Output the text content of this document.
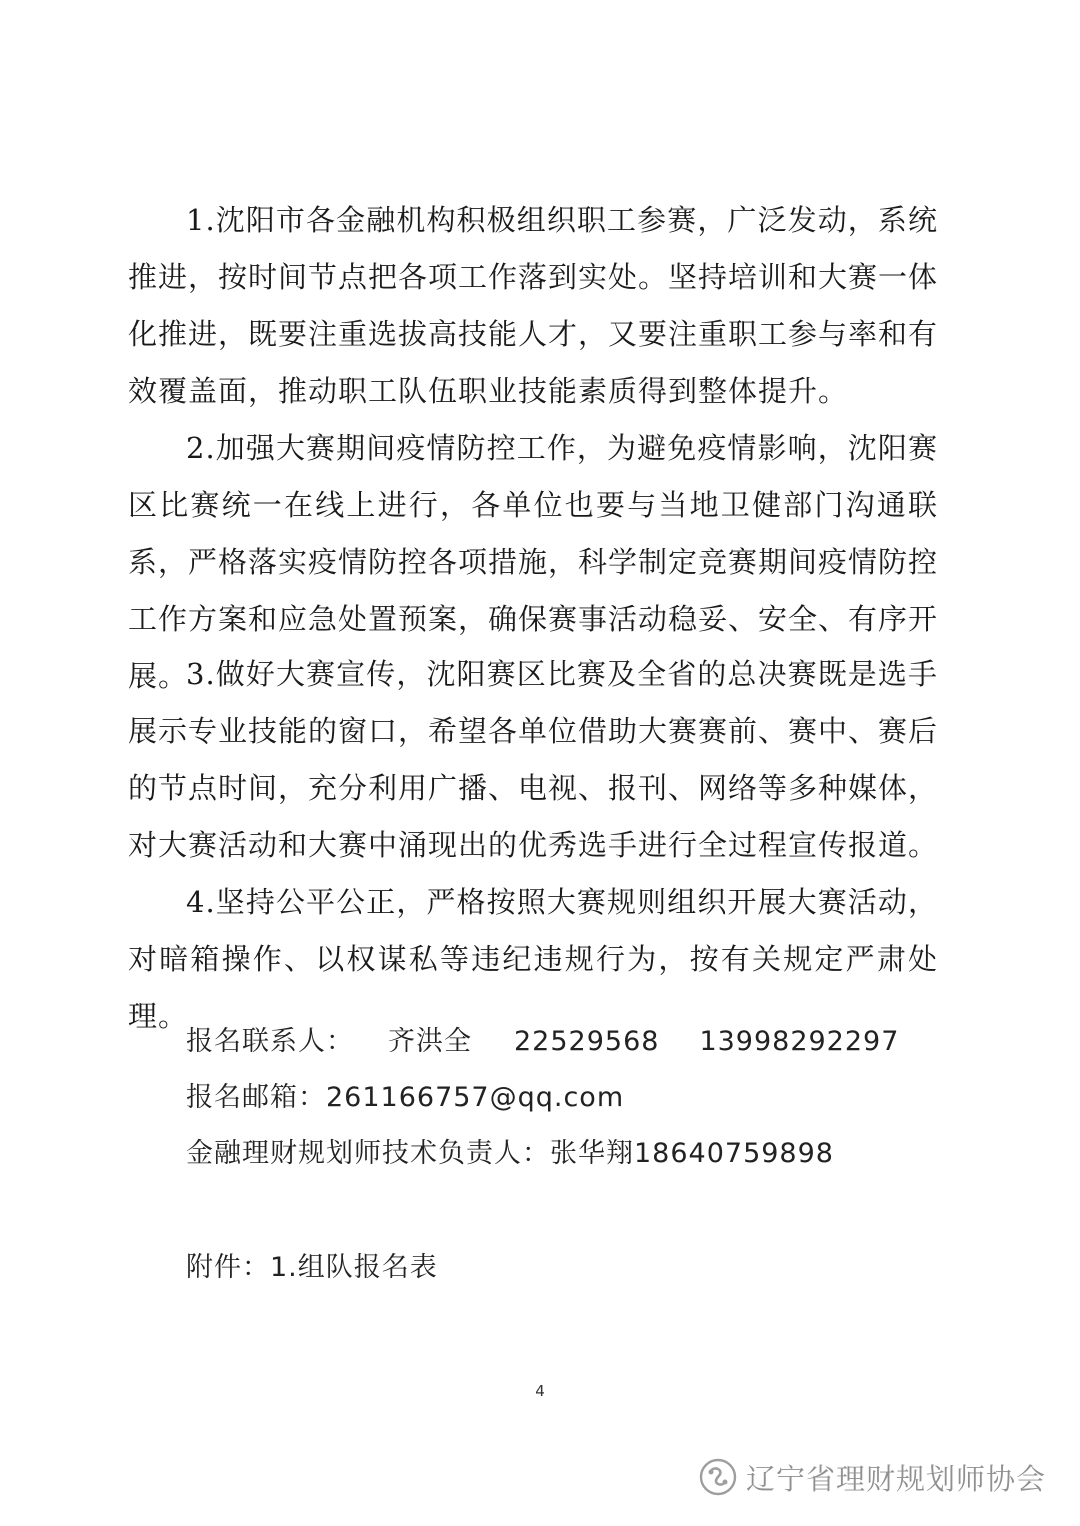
1.沈阳市各金融机构积极组织职工参赛，广泛发动，系统推进，按时间节点把各项工作落到实处。坚持培训和大赛一体化推进，既要注重选拔高技能人才，又要注重职工参与率和有效覆盖面，推动职工队伍职业技能素质得到整体提升。

2.加强大赛期间疫情防控工作，为避免疫情影响，沈阳赛区比赛统一在线上进行，各单位也要与当地卫健部门沟通联系，严格落实疫情防控各项措施，科学制定竞赛期间疫情防控工作方案和应急处置预案，确保赛事活动稳妥、安全、有序开展。

3.做好大赛宣传，沈阳赛区比赛及全省的总决赛既是选手展示专业技能的窗口，希望各单位借助大赛赛前、赛中、赛后的节点时间，充分利用广播、电视、报刊、网络等多种媒体，对大赛活动和大赛中涌现出的优秀选手进行全过程宣传报道。

4.坚持公平公正，严格按照大赛规则组织开展大赛活动，对暗箱操作、以权谋私等违纪违规行为，按有关规定严肃处理。

报名联系人： 齐洪全 22529568 13998292297
报名邮箱：261166757@qq.com
金融理财规划师技术负责人：张华翔18640759898
附件：1.组队报名表
4
辽宁省理财规划师协会
